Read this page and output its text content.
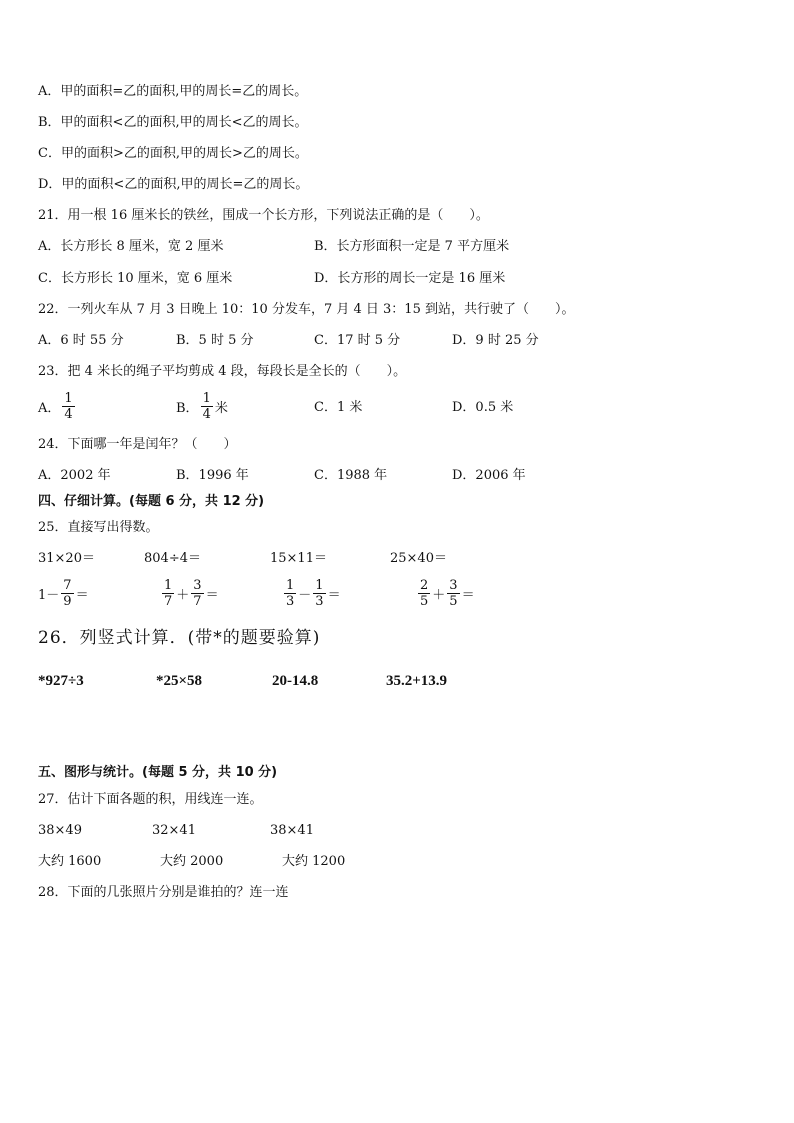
A．甲的面积=乙的面积,甲的周长=乙的周长。
B．甲的面积<乙的面积,甲的周长<乙的周长。
C．甲的面积>乙的面积,甲的周长>乙的周长。
D．甲的面积<乙的面积,甲的周长=乙的周长。
21．用一根 16 厘米长的铁丝，围成一个长方形，下列说法正确的是（　　）。
A．长方形长 8 厘米，宽 2 厘米	B．长方形面积一定是 7 平方厘米
C．长方形长 10 厘米，宽 6 厘米	D．长方形的周长一定是 16 厘米
22．一列火车从 7 月 3 日晚上 10：10 分发车，7 月 4 日 3：15 到站，共行驶了（　　）。
A．6 时 55 分	B．5 时 5 分	C．17 时 5 分	D．9 时 25 分
23．把 4 米长的绳子平均剪成 4 段，每段长是全长的（　　）。
A． $\frac{1}{4}$	B． $\frac{1}{4}$ 米	C．1 米	D．0.5 米
24．下面哪一年是闰年？（　　）
A．2002 年	B．1996 年	C．1988 年	D．2006 年
四、仔细计算。(每题 6 分，共 12 分)
25．直接写出得数。
31×20＝	804÷4＝	15×11＝	25×40＝
$1- \frac{7}{9}$ ＝	$\frac{1}{7} + \frac{3}{7}$ ＝	$\frac{1}{3} - \frac{1}{3}$ ＝	$\frac{2}{5} + \frac{3}{5}$ ＝
26．列竖式计算．(带*的题要验算)
*927÷3	*25×58	20-14.8	35.2+13.9
五、图形与统计。(每题 5 分，共 10 分)
27．估计下面各题的积，用线连一连。
38×49	32×41	38×41
大约 1600	大约 2000	大约 1200
28．下面的几张照片分别是谁拍的？连一连
